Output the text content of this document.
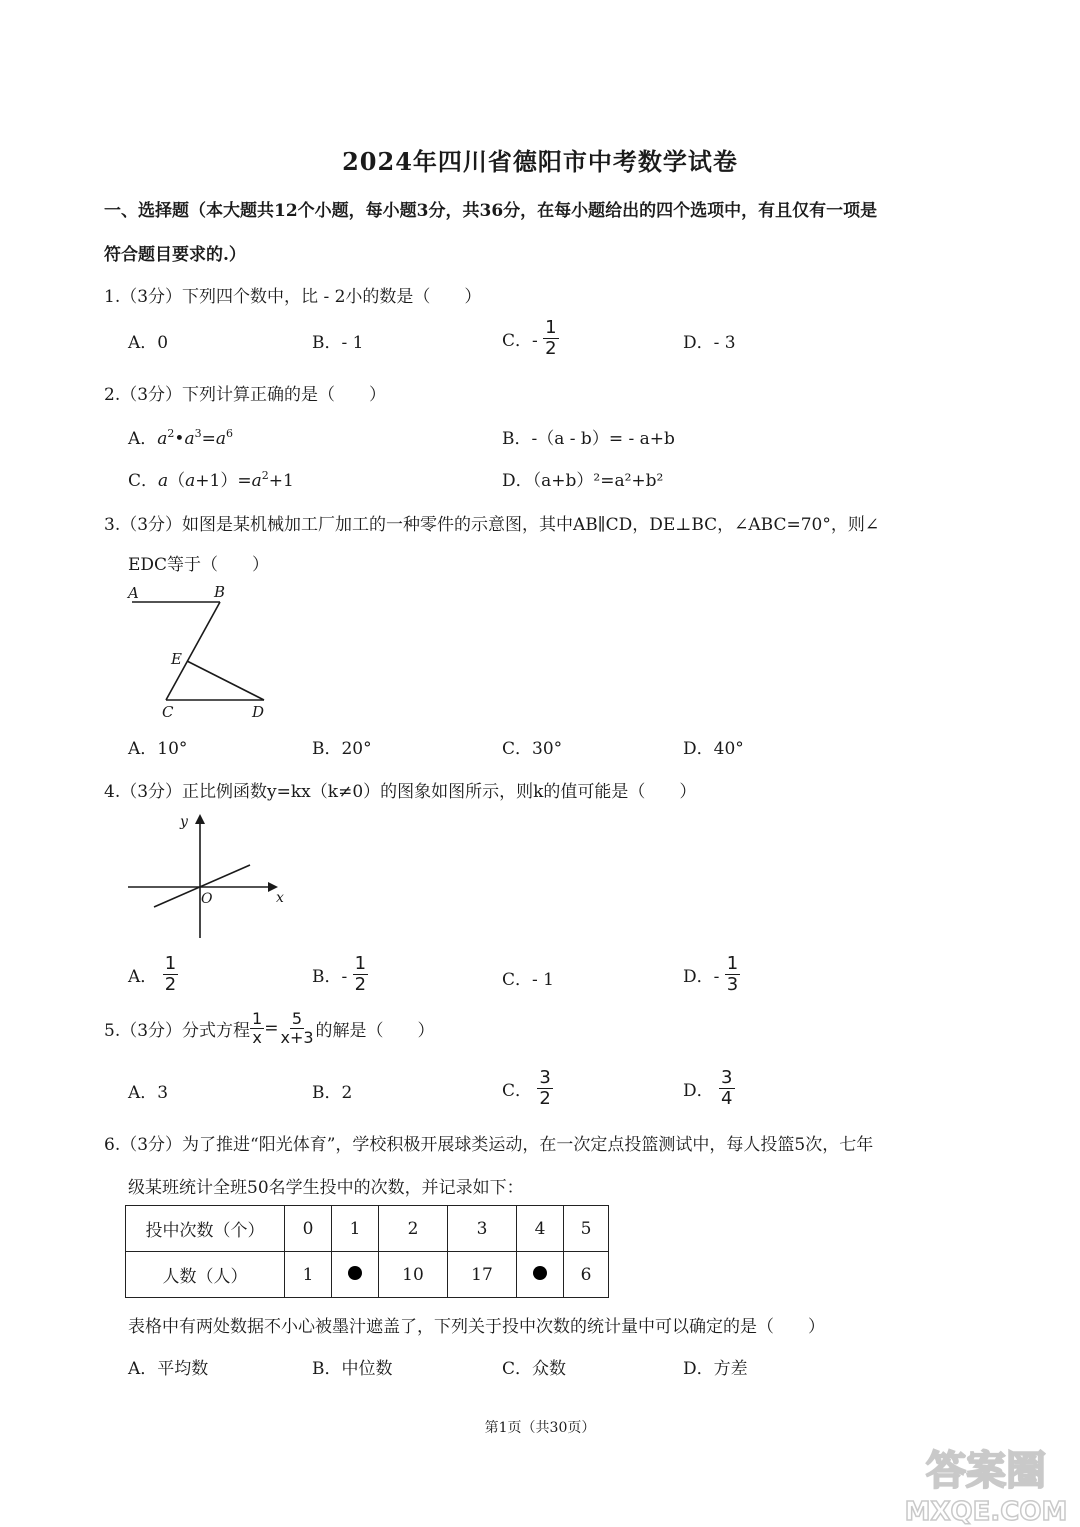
2024年四川省德阳市中考数学试卷
一、选择题（本大题共12个小题，每小题3分，共36分，在每小题给出的四个选项中，有且仅有一项是
符合题目要求的.）
1.（3分）下列四个数中，比 - 2小的数是（　　）
A．0	B．- 1	C．- $\frac{1}{2}$	D．- 3
2.（3分）下列计算正确的是（　　）
A．$a^2•a^3=a^6$	B．-（a - b）= - a+b
C．$a(a+1)=a^2+1$	D．（a+b）²=a²+b²
3.（3分）如图是某机械加工厂加工的一种零件的示意图，其中AB∥CD，DE⊥BC，∠ABC=70°，则∠
EDC等于（　　）
A	B
E
C	D
A．10°	B．20°	C．30°	D．40°
4.（3分）正比例函数y=kx（k≠0）的图象如图所示，则k的值可能是（　　）
y
x
O
A． $\frac{1}{2}$	B．- $\frac{1}{2}$	C．- 1	D．- $\frac{1}{3}$
5.（3分）分式方程 $\frac{1}{x} = \frac{5}{x+3}$ 的解是（　　）
A．3	B．2	C． $\frac{3}{2}$	D． $\frac{3}{4}$
6.（3分）为了推进“阳光体育”，学校积极开展球类运动，在一次定点投篮测试中，每人投篮5次，七年
级某班统计全班50名学生投中的次数，并记录如下：
投中次数（个）	0	1	2	3	4	5
人数（人）	1		10	17		6
表格中有两处数据不小心被墨汁遮盖了，下列关于投中次数的统计量中可以确定的是（　　）
A．平均数	B．中位数	C．众数	D．方差
第1页（共30页）
答案圈
MXQE.COM
